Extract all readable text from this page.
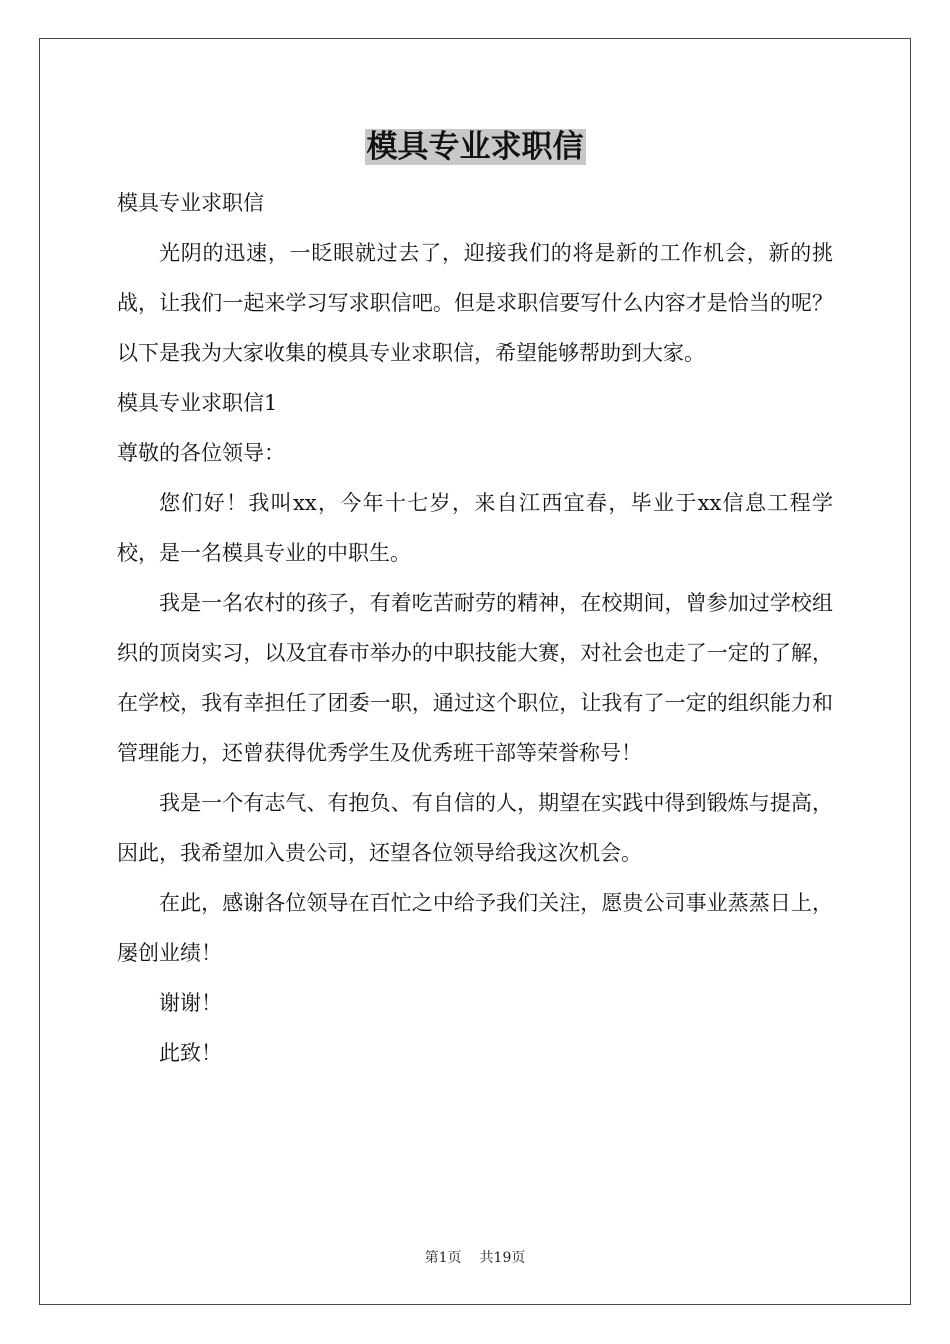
模具专业求职信

模具专业求职信

光阴的迅速，一眨眼就过去了，迎接我们的将是新的工作机会，新的挑战，让我们一起来学习写求职信吧。但是求职信要写什么内容才是恰当的呢？以下是我为大家收集的模具专业求职信，希望能够帮助到大家。

模具专业求职信1

尊敬的各位领导：

您们好！我叫xx，今年十七岁，来自江西宜春，毕业于xx信息工程学校，是一名模具专业的中职生。

我是一名农村的孩子，有着吃苦耐劳的精神，在校期间，曾参加过学校组织的顶岗实习，以及宜春市举办的中职技能大赛，对社会也走了一定的了解，在学校，我有幸担任了团委一职，通过这个职位，让我有了一定的组织能力和管理能力，还曾获得优秀学生及优秀班干部等荣誉称号！

我是一个有志气、有抱负、有自信的人，期望在实践中得到锻炼与提高，因此，我希望加入贵公司，还望各位领导给我这次机会。

在此，感谢各位领导在百忙之中给予我们关注，愿贵公司事业蒸蒸日上，屡创业绩！

谢谢！

此致！

第1页 共19页
